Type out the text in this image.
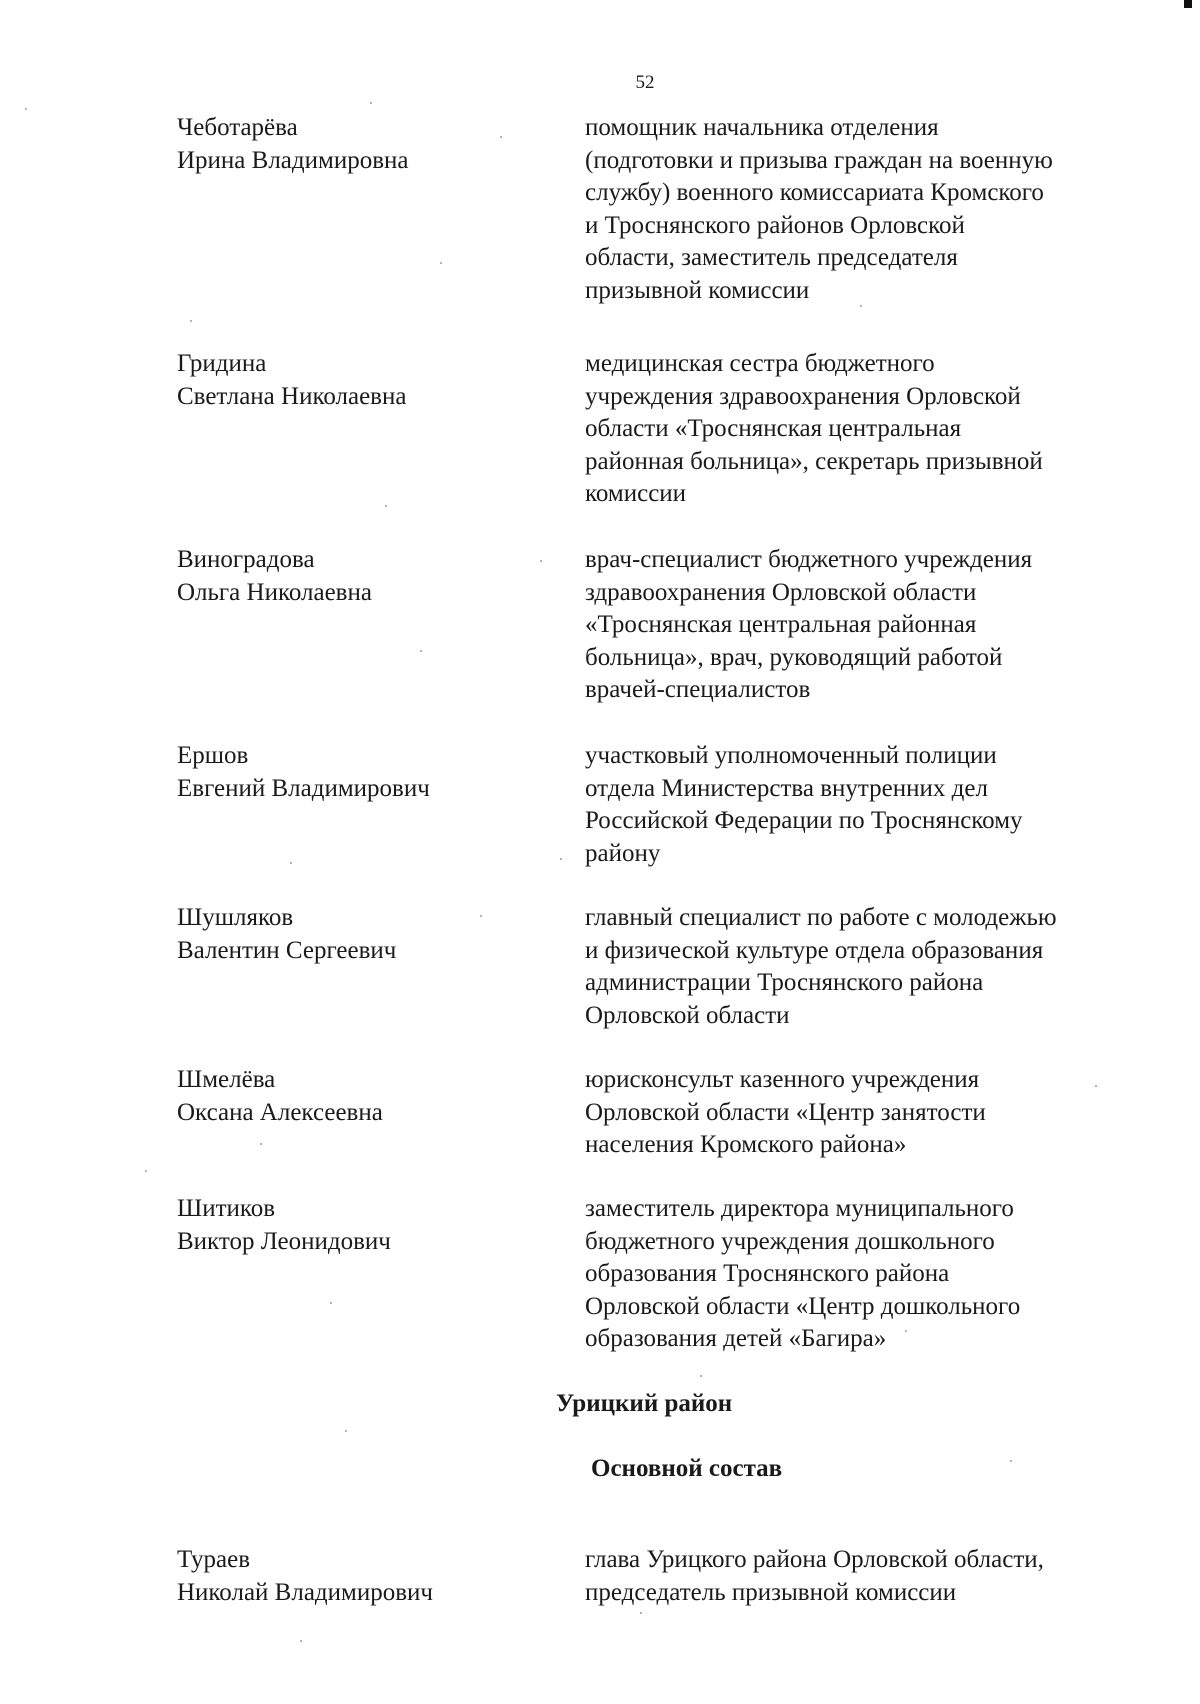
52
Чеботарёва
Ирина Владимировна
помощник начальника отделения
(подготовки и призыва граждан на военную
службу) военного комиссариата Кромского
и Троснянского районов Орловской
области, заместитель председателя
призывной комиссии
Гридина
Светлана Николаевна
медицинская сестра бюджетного
учреждения здравоохранения Орловской
области «Троснянская центральная
районная больница», секретарь призывной
комиссии
Виноградова
Ольга Николаевна
врач-специалист бюджетного учреждения
здравоохранения Орловской области
«Троснянская центральная районная
больница», врач, руководящий работой
врачей-специалистов
Ершов
Евгений Владимирович
участковый уполномоченный полиции
отдела Министерства внутренних дел
Российской Федерации по Троснянскому
району
Шушляков
Валентин Сергеевич
главный специалист по работе с молодежью
и физической культуре отдела образования
администрации Троснянского района
Орловской области
Шмелёва
Оксана Алексеевна
юрисконсульт казенного учреждения
Орловской области «Центр занятости
населения Кромского района»
Шитиков
Виктор Леонидович
заместитель директора муниципального
бюджетного учреждения дошкольного
образования Троснянского района
Орловской области «Центр дошкольного
образования детей «Багира»
Урицкий район
Основной состав
Тураев
Николай Владимирович
глава Урицкого района Орловской области,
председатель призывной комиссии
